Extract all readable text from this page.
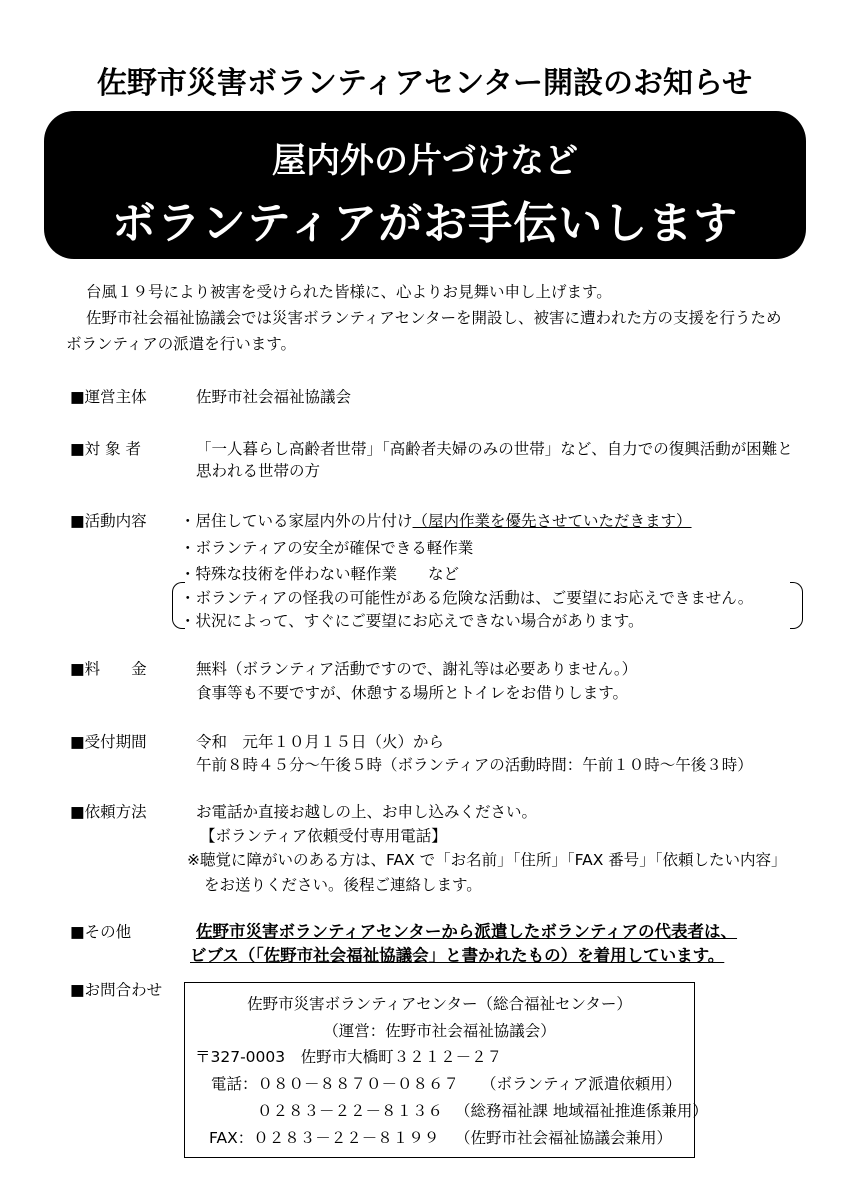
佐野市災害ボランティアセンター開設のお知らせ
屋内外の片づけなど
ボランティアがお手伝いします
台風１９号により被害を受けられた皆様に、心よりお見舞い申し上げます。
佐野市社会福祉協議会では災害ボランティアセンターを開設し、被害に遭われた方の支援を行うため
ボランティアの派遣を行います。
■運営主体	佐野市社会福祉協議会
■対 象 者	「一人暮らし高齢者世帯」「高齢者夫婦のみの世帯」など、自力での復興活動が困難と
思われる世帯の方
■活動内容 ・居住している家屋内外の片付け（屋内作業を優先させていただきます）
・ボランティアの安全が確保できる軽作業
・特殊な技術を伴わない軽作業　　など
・ボランティアの怪我の可能性がある危険な活動は、ご要望にお応えできません。
・状況によって、すぐにご要望にお応えできない場合があります。
■料　　金	無料（ボランティア活動ですので、謝礼等は必要ありません。）
食事等も不要ですが、休憩する場所とトイレをお借りします。
■受付期間	令和　元年１０月１５日（火）から
午前８時４５分～午後５時（ボランティアの活動時間：午前１０時～午後３時）
■依頼方法	お電話か直接お越しの上、お申し込みください。
【ボランティア依頼受付専用電話】
※聴覚に障がいのある方は、FAX で「お名前」「住所」「FAX 番号」「依頼したい内容」
をお送りください。後程ご連絡します。
■その他	佐野市災害ボランティアセンターから派遣したボランティアの代表者は、
ビブス（「佐野市社会福祉協議会」と書かれたもの）を着用しています。
■お問合わせ
佐野市災害ボランティアセンター（総合福祉センター）
（運営：佐野市社会福祉協議会）
〒327-0003　佐野市大橋町３２１２－２７
電話：０８０－８８７０－０８６７ （ボランティア派遣依頼用）
０２８３－２２－８１３６ （総務福祉課 地域福祉推進係兼用）
FAX：０２８３－２２－８１９９ （佐野市社会福祉協議会兼用）
